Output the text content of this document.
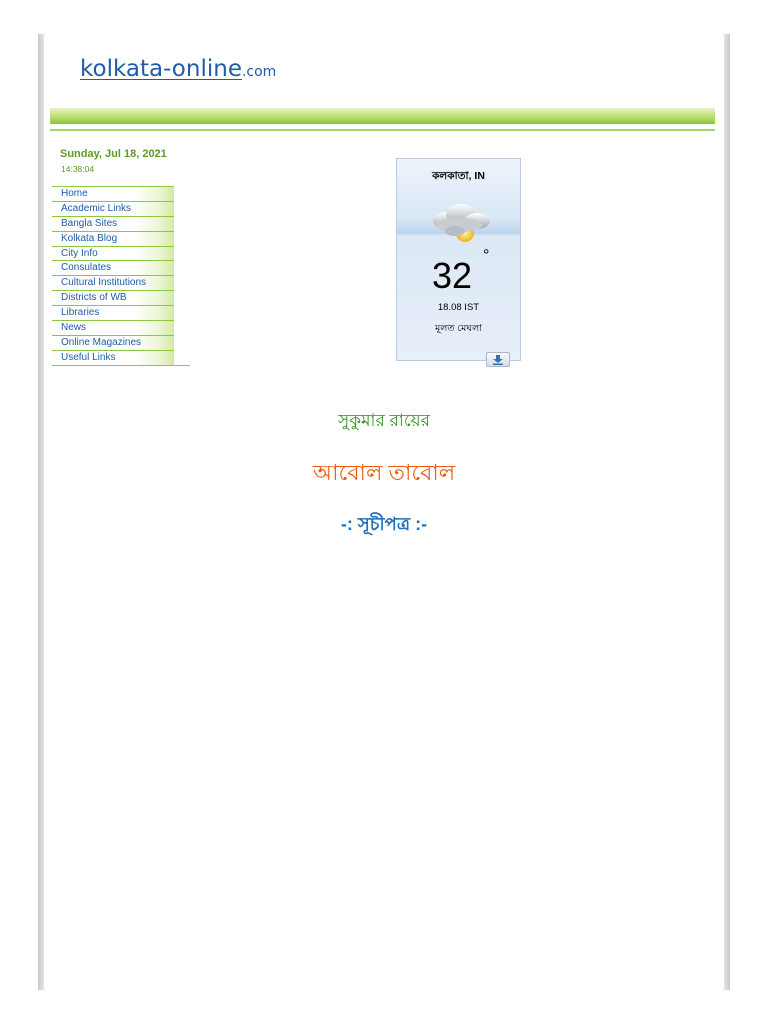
kolkata-online.com
Sunday, Jul 18, 2021
14:38:04
Home
Academic Links
Bangla Sites
Kolkata Blog
City Info
Consulates
Cultural Institutions
Districts of WB
Libraries
News
Online Magazines
Useful Links
কলকাতা, IN
32 °
18.08 IST
মূলত মেঘলা
সুকুমার রায়ের
আবোল তাবোল
-: সূচীপত্র :-
